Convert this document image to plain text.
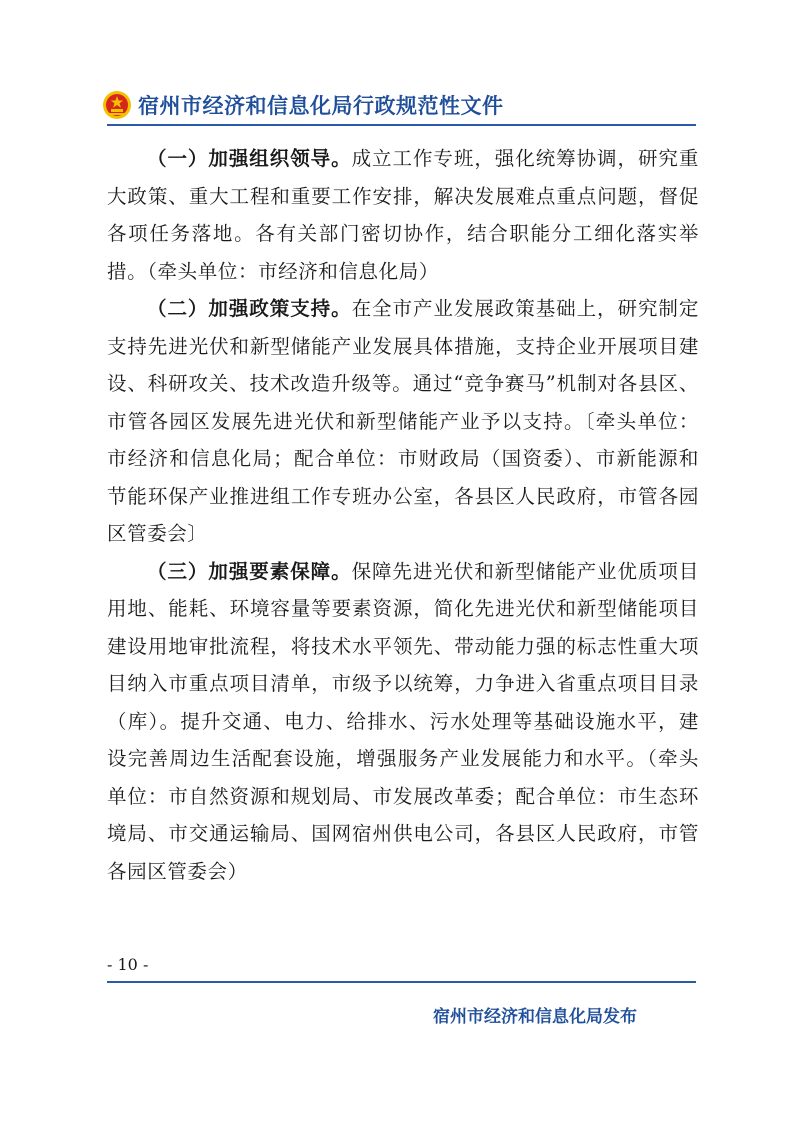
宿州市经济和信息化局行政规范性文件

（一）加强组织领导。成立工作专班，强化统筹协调，研究重大政策、重大工程和重要工作安排，解决发展难点重点问题，督促各项任务落地。各有关部门密切协作，结合职能分工细化落实举措。（牵头单位：市经济和信息化局）

（二）加强政策支持。在全市产业发展政策基础上，研究制定支持先进光伏和新型储能产业发展具体措施，支持企业开展项目建设、科研攻关、技术改造升级等。通过“竞争赛马”机制对各县区、市管各园区发展先进光伏和新型储能产业予以支持。〔牵头单位：市经济和信息化局；配合单位：市财政局（国资委）、市新能源和节能环保产业推进组工作专班办公室，各县区人民政府，市管各园区管委会〕

（三）加强要素保障。保障先进光伏和新型储能产业优质项目用地、能耗、环境容量等要素资源，简化先进光伏和新型储能项目建设用地审批流程，将技术水平领先、带动能力强的标志性重大项目纳入市重点项目清单，市级予以统筹，力争进入省重点项目目录（库）。提升交通、电力、给排水、污水处理等基础设施水平，建设完善周边生活配套设施，增强服务产业发展能力和水平。（牵头单位：市自然资源和规划局、市发展改革委；配合单位：市生态环境局、市交通运输局、国网宿州供电公司，各县区人民政府，市管各园区管委会）

- 10 -
宿州市经济和信息化局发布
